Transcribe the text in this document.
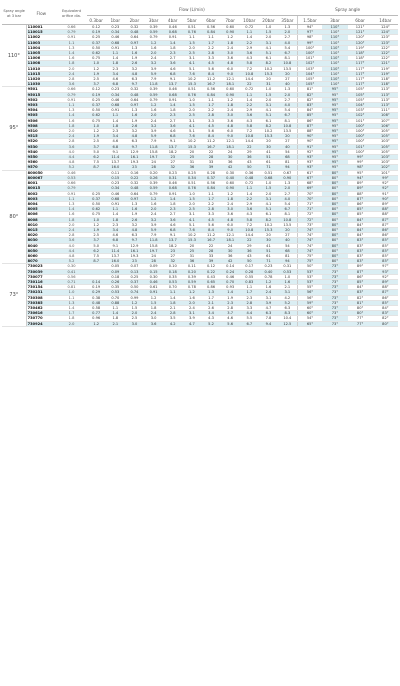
Spray angle at 3 bar	Flow	Equivalent orifice dia.	Flow (L/min)											Spray angle			
			0.3bar	1bar	2bar	3bar	4bar	5bar	6bar	7bar	10bar	20bar	35bar	1.5bar	3bar	6bar	14bar
110°	110001	0.66	0.12	0.23	0.32	0.39	0.46	0.51	0.56	0.60	0.72	1.0	1.3	94°	110°	121°	124°
	110015	0.79	0.19	0.34	0.48	0.59	0.68	0.76	0.84	0.90	1.1	1.5	2.0	97°	110°	121°	124°
	11002	0.91	0.25	0.46	0.64	0.79	0.91	1.1	1.1	1.2	1.4	2.0	2.7	98°	110°	120°	123°
	11003	1.1	0.37	0.68	0.97	1.2	1.4	1.5	1.7	1.8	2.2	3.1	4.0	99°	110°	120°	123°
	11004	1.3	0.50	0.91	1.3	1.6	1.8	2.0	2.2	2.4	2.9	4.1	5.4	100°	110°	119°	122°
	11005	1.4	0.62	1.1	1.6	2.0	2.3	2.5	2.8	3.0	3.6	5.1	6.7	100°	110°	118°	122°
	11006	1.6	0.75	1.4	1.9	2.4	2.7	3.1	3.3	3.6	4.3	6.1	8.1	101°	110°	118°	122°
	11008	1.8	1.0	1.8	2.6	3.2	3.6	4.1	4.5	4.8	5.8	8.2	10.8	102°	110°	117°	121°
	11010	2.0	1.2	2.3	3.2	3.9	4.6	5.1	5.6	6.0	7.2	10.2	13.5	103°	110°	117°	119°
	11015	2.4	1.9	3.4	4.8	5.9	6.8	7.6	8.4	9.0	10.8	15.3	20	104°	110°	117°	119°
	11020	2.8	2.5	4.6	6.3	7.9	9.1	10.2	11.2	12.1	14.4	20	27	105°	110°	117°	118°
	11030	3.6	3.7	6.8	9.7	11.8	13.7	15.3	16.7	18.1	22	31	40	105°	110°	117°	118°
95°	9501	0.66	0.12	0.23	0.32	0.39	0.46	0.51	0.56	0.60	0.72	1.0	1.3	81°	95°	105°	113°
	95015	0.79	0.19	0.34	0.48	0.59	0.68	0.76	0.84	0.90	1.1	1.5	2.0	82°	95°	105°	113°
	9502	0.91	0.25	0.46	0.64	0.79	0.91	1.0	1.1	1.2	1.4	2.0	2.7	82°	95°	105°	113°
	9503	1.1	0.37	0.68	0.97	1.2	1.4	1.5	1.7	1.8	2.2	3.1	4.0	83°	95°	104°	113°
	9504	1.3	0.50	0.91	1.3	1.6	1.8	2.0	2.2	2.4	2.9	4.1	5.4	84°	95°	103°	111°
	9505	1.4	0.62	1.1	1.6	2.0	2.3	2.5	2.8	3.0	3.6	5.1	6.7	85°	95°	102°	108°
	9506	1.6	0.75	1.4	1.9	2.4	2.7	3.1	3.3	3.6	4.3	6.1	8.1	86°	95°	101°	107°
	9508	1.8	1.0	1.8	2.6	3.2	3.6	4.1	4.5	4.8	5.8	8.2	10.8	87°	95°	100°	106°
	9510	2.0	1.2	2.3	3.2	3.9	4.6	5.1	5.6	6.0	7.2	10.2	13.5	88°	95°	100°	105°
	9515	2.4	1.9	3.4	4.8	5.9	6.8	7.6	8.4	9.0	10.8	15.3	20	90°	95°	100°	105°
	9520	2.8	2.5	4.6	6.3	7.9	9.1	10.2	11.2	12.1	14.4	20	27	90°	95°	100°	103°
	9530	3.6	3.7	6.8	9.7	11.8	13.7	15.3	16.7	18.1	22	30	40	91°	95°	101°	105°
	9540	4.0	5.0	9.1	12.9	15.8	18.2	20	22	24	29	41	54	92°	95°	100°	105°
	9550	4.4	6.2	11.4	16.1	19.7	23	25	28	30	36	51	68	93°	95°	99°	103°
	9560	4.8	7.5	13.7	19.3	24	27	31	33	36	43	61	81	93°	95°	99°	103°
	9570	5.2	8.7	16.0	23	28	32	36	39	42	50	71	94	93°	95°	98°	102°
80°	800050	0.46		0.11	0.16	0.20	0.23	0.25	0.28	0.30	0.36	0.51	0.67	61°	80°	95°	101°
	800067	0.53		0.15	0.22	0.26	0.31	0.34	0.37	0.40	0.48	0.68	0.90	67°	80°	94°	99°
	8001	0.66		0.23	0.32	0.39	0.46	0.51	0.56	0.60	0.72	1.0	1.3	68°	80°	89°	92°
	80015	0.79		0.34	0.48	0.59	0.68	0.76	0.84	0.90	1.1	1.5	2.0	69°	80°	89°	92°
	8002	0.91	0.25	0.46	0.64	0.79	0.91	1.0	1.1	1.2	1.4	2.0	2.7	70°	80°	88°	91°
	8003	1.1	0.37	0.68	0.97	1.2	1.4	1.5	1.7	1.8	2.2	3.1	4.0	70°	80°	87°	90°
	8004	1.3	0.50	0.91	1.3	1.6	1.8	2.0	2.2	2.4	2.9	4.1	5.4	71°	80°	86°	89°
	8005	1.4	0.62	1.1	1.6	2.0	2.3	2.5	2.8	3.0	3.6	5.1	6.7	71°	80°	85°	88°
	8006	1.6	0.75	1.4	1.9	2.4	2.7	3.1	3.3	3.6	4.3	6.1	8.1	72°	80°	85°	88°
	8008	1.8	1.0	1.8	2.6	3.2	3.6	4.1	4.5	4.8	5.8	8.2	10.8	72°	80°	84°	87°
	8010	2.0	1.2	2.3	3.2	3.9	4.6	5.1	5.6	6.0	7.2	10.2	13.5	73°	80°	84°	87°
	8015	2.4	1.9	3.4	4.8	5.9	6.8	7.6	8.4	9.0	10.8	15.3	20	74°	80°	84°	86°
	8020	2.8	2.5	4.6	6.3	7.9	9.1	10.2	11.2	12.1	14.4	20	27	74°	80°	84°	86°
	8030	3.6	3.7	6.8	9.7	11.8	13.7	15.3	16.7	18.1	22	30	40	74°	80°	83°	85°
	8040	4.0	5.0	9.1	12.9	15.8	18.2	20	22	24	29	41	54	74°	80°	83°	85°
	8050	4.4	6.2	11.4	16.1	19.7	23	25	28	30	36	51	68	74°	80°	83°	85°
	8060	4.8	7.5	13.7	19.3	24	27	31	33	36	43	61	81	75°	80°	83°	85°
	8070	5.2	8.7	16.0	23	28	32	36	39	42	50	71	94	75°	80°	83°	85°
73°	730023	0.30		0.05	0.07	0.09	0.10	0.11	0.12	0.14	0.17	0.23	0.31	50°	73°	89°	97°
	730039	0.41		0.09	0.13	0.15	0.18	0.20	0.22	0.24	0.28	0.40	0.53	53°	73°	87°	93°
	730077	0.56		0.18	0.25	0.30	0.35	0.39	0.43	0.46	0.55	0.78	1.0	53°	73°	86°	92°
	730116	0.71	0.14	0.26	0.37	0.46	0.53	0.59	0.65	0.70	0.83	1.2	1.6	53°	73°	85°	89°
	730154	0.81	0.19	0.35	0.50	0.61	0.70	0.78	0.86	0.93	1.1	1.6	2.1	55°	73°	84°	88°
	730231	1.0	0.29	0.53	0.74	0.91	1.1	1.2	1.3	1.4	1.7	2.4	3.1	56°	73°	83°	87°
	730308	1.1	0.38	0.70	0.99	1.2	1.4	1.6	1.7	1.9	2.3	3.1	4.2	56°	73°	82°	86°
	730385	1.3	0.48	0.88	1.2	1.5	1.8	2.0	2.1	2.3	2.8	3.9	5.2	59°	73°	81°	85°
	730462	1.4	0.58	1.1	1.5	1.8	2.1	2.4	2.6	2.8	3.3	4.7	6.3	60°	73°	80°	84°
	730616	1.7	0.77	1.4	2.0	2.4	2.8	3.1	3.4	3.7	4.4	6.3	8.3	60°	73°	80°	83°
	730770	1.8	0.96	1.8	2.5	3.0	3.5	3.9	4.3	4.6	5.5	7.8	10.4	54°	73°	77°	82°
	730924	2.0	1.2	2.1	3.0	3.6	4.2	4.7	5.2	5.6	6.7	9.4	12.5	65°	73°	77°	80°
